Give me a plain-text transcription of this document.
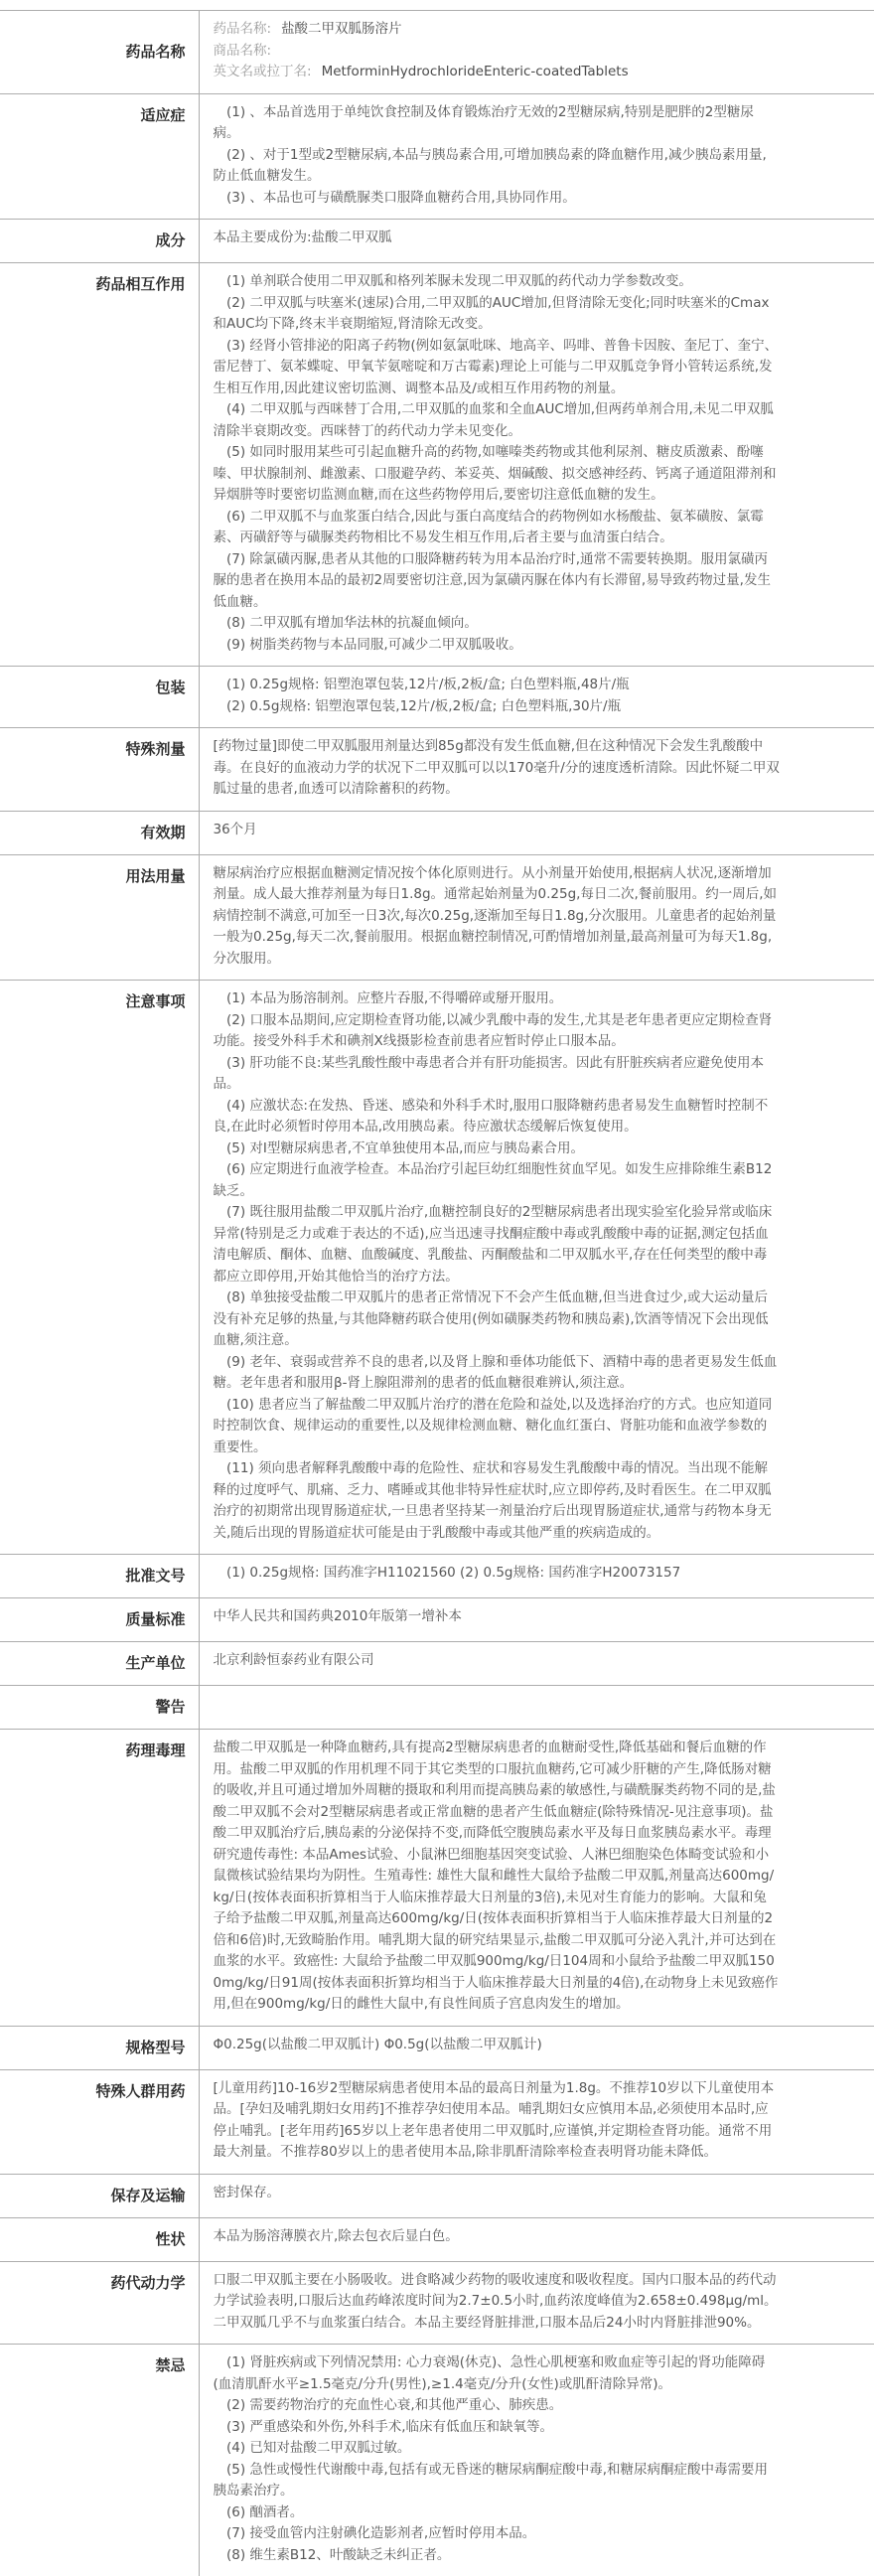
药品名称	药品名称: 盐酸二甲双胍肠溶片

商品名称:

英文名或拉丁名: MetforminHydrochlorideEnteric-coatedTablets

适应症	　(1) 、本品首选用于单纯饮食控制及体育锻炼治疗无效的2型糖尿病,特别是肥胖的2型糖尿病。

　(2) 、对于1型或2型糖尿病,本品与胰岛素合用,可增加胰岛素的降血糖作用,减少胰岛素用量,防止低血糖发生。

　(3) 、本品也可与磺酰脲类口服降血糖药合用,具协同作用。

成分	本品主要成份为:盐酸二甲双胍

药品相互作用	　(1) 单剂联合使用二甲双胍和格列苯脲未发现二甲双胍的药代动力学参数改变。

　(2) 二甲双胍与呋塞米(速尿)合用,二甲双胍的AUC增加,但肾清除无变化;同时呋塞米的Cmax和AUC均下降,终末半衰期缩短,肾清除无改变。

　(3) 经肾小管排泌的阳离子药物(例如氨氯吡咪、地高辛、吗啡、普鲁卡因胺、奎尼丁、奎宁、雷尼替丁、氨苯蝶啶、甲氧苄氨嘧啶和万古霉素)理论上可能与二甲双胍竞争肾小管转运系统,发生相互作用,因此建议密切监测、调整本品及/或相互作用药物的剂量。

　(4) 二甲双胍与西咪替丁合用,二甲双胍的血浆和全血AUC增加,但两药单剂合用,未见二甲双胍清除半衰期改变。西咪替丁的药代动力学未见变化。

　(5) 如同时服用某些可引起血糖升高的药物,如噻嗪类药物或其他利尿剂、糖皮质激素、酚噻嗪、甲状腺制剂、雌激素、口服避孕药、苯妥英、烟碱酸、拟交感神经药、钙离子通道阻滞剂和异烟肼等时要密切监测血糖,而在这些药物停用后,要密切注意低血糖的发生。

　(6) 二甲双胍不与血浆蛋白结合,因此与蛋白高度结合的药物例如水杨酸盐、氨苯磺胺、氯霉素、丙磺舒等与磺脲类药物相比不易发生相互作用,后者主要与血清蛋白结合。

　(7) 除氯磺丙脲,患者从其他的口服降糖药转为用本品治疗时,通常不需要转换期。服用氯磺丙脲的患者在换用本品的最初2周要密切注意,因为氯磺丙脲在体内有长滞留,易导致药物过量,发生低血糖。

　(8) 二甲双胍有增加华法林的抗凝血倾向。

　(9) 树脂类药物与本品同服,可减少二甲双胍吸收。

包装	　(1) 0.25g规格: 铝塑泡罩包装,12片/板,2板/盒; 白色塑料瓶,48片/瓶

　(2) 0.5g规格: 铝塑泡罩包装,12片/板,2板/盒; 白色塑料瓶,30片/瓶

特殊剂量	[药物过量]即使二甲双胍服用剂量达到85g都没有发生低血糖,但在这种情况下会发生乳酸酸中毒。在良好的血液动力学的状况下二甲双胍可以以170毫升/分的速度透析清除。因此怀疑二甲双胍过量的患者,血透可以清除蓄积的药物。

有效期	36个月

用法用量	糖尿病治疗应根据血糖测定情况按个体化原则进行。从小剂量开始使用,根据病人状况,逐渐增加剂量。成人最大推荐剂量为每日1.8g。通常起始剂量为0.25g,每日二次,餐前服用。约一周后,如病情控制不满意,可加至一日3次,每次0.25g,逐渐加至每日1.8g,分次服用。儿童患者的起始剂量一般为0.25g,每天二次,餐前服用。根据血糖控制情况,可酌情增加剂量,最高剂量可为每天1.8g,分次服用。

注意事项	　(1) 本品为肠溶制剂。应整片吞服,不得嚼碎或掰开服用。

　(2) 口服本品期间,应定期检查肾功能,以减少乳酸中毒的发生,尤其是老年患者更应定期检查肾功能。接受外科手术和碘剂X线摄影检查前患者应暂时停止口服本品。

　(3) 肝功能不良:某些乳酸性酸中毒患者合并有肝功能损害。因此有肝脏疾病者应避免使用本品。

　(4) 应激状态:在发热、昏迷、感染和外科手术时,服用口服降糖药患者易发生血糖暂时控制不良,在此时必须暂时停用本品,改用胰岛素。待应激状态缓解后恢复使用。

　(5) 对I型糖尿病患者,不宜单独使用本品,而应与胰岛素合用。

　(6) 应定期进行血液学检查。本品治疗引起巨幼红细胞性贫血罕见。如发生应排除维生素B12缺乏。

　(7) 既往服用盐酸二甲双胍片治疗,血糖控制良好的2型糖尿病患者出现实验室化验异常或临床异常(特别是乏力或难于表达的不适),应当迅速寻找酮症酸中毒或乳酸酸中毒的证据,测定包括血清电解质、酮体、血糖、血酸碱度、乳酸盐、丙酮酸盐和二甲双胍水平,存在任何类型的酸中毒都应立即停用,开始其他恰当的治疗方法。

　(8) 单独接受盐酸二甲双胍片的患者正常情况下不会产生低血糖,但当进食过少,或大运动量后没有补充足够的热量,与其他降糖药联合使用(例如磺脲类药物和胰岛素),饮酒等情况下会出现低血糖,须注意。

　(9) 老年、衰弱或营养不良的患者,以及肾上腺和垂体功能低下、酒精中毒的患者更易发生低血糖。老年患者和服用β-肾上腺阻滞剂的患者的低血糖很难辨认,须注意。

　(10) 患者应当了解盐酸二甲双胍片治疗的潜在危险和益处,以及选择治疗的方式。也应知道同时控制饮食、规律运动的重要性,以及规律检测血糖、糖化血红蛋白、肾脏功能和血液学参数的重要性。

　(11) 须向患者解释乳酸酸中毒的危险性、症状和容易发生乳酸酸中毒的情况。当出现不能解释的过度呼气、肌痛、乏力、嗜睡或其他非特异性症状时,应立即停药,及时看医生。在二甲双胍治疗的初期常出现胃肠道症状,一旦患者坚持某一剂量治疗后出现胃肠道症状,通常与药物本身无关,随后出现的胃肠道症状可能是由于乳酸酸中毒或其他严重的疾病造成的。

批准文号	　(1) 0.25g规格: 国药准字H11021560 (2) 0.5g规格: 国药准字H20073157

质量标准	中华人民共和国药典2010年版第一增补本

生产单位	北京利龄恒泰药业有限公司

警告	

药理毒理	盐酸二甲双胍是一种降血糖药,具有提高2型糖尿病患者的血糖耐受性,降低基础和餐后血糖的作用。盐酸二甲双胍的作用机理不同于其它类型的口服抗血糖药,它可减少肝糖的产生,降低肠对糖的吸收,并且可通过增加外周糖的摄取和利用而提高胰岛素的敏感性,与磺酰脲类药物不同的是,盐酸二甲双胍不会对2型糖尿病患者或正常血糖的患者产生低血糖症(除特殊情况-见注意事项)。盐酸二甲双胍治疗后,胰岛素的分泌保持不变,而降低空腹胰岛素水平及每日血浆胰岛素水平。毒理研究遗传毒性: 本品Ames试验、小鼠淋巴细胞基因突变试验、人淋巴细胞染色体畸变试验和小鼠微核试验结果均为阴性。生殖毒性: 雄性大鼠和雌性大鼠给予盐酸二甲双胍,剂量高达600mg/kg/日(按体表面积折算相当于人临床推荐最大日剂量的3倍),未见对生育能力的影响。大鼠和兔子给予盐酸二甲双胍,剂量高达600mg/kg/日(按体表面积折算相当于人临床推荐最大日剂量的2倍和6倍)时,无致畸胎作用。哺乳期大鼠的研究结果显示,盐酸二甲双胍可分泌入乳汁,并可达到在血浆的水平。致癌性: 大鼠给予盐酸二甲双胍900mg/kg/日104周和小鼠给予盐酸二甲双胍1500mg/kg/日91周(按体表面积折算均相当于人临床推荐最大日剂量的4倍),在动物身上未见致癌作用,但在900mg/kg/日的雌性大鼠中,有良性间质子宫息肉发生的增加。

规格型号	Φ0.25g(以盐酸二甲双胍计) Φ0.5g(以盐酸二甲双胍计)

特殊人群用药	[儿童用药]10-16岁2型糖尿病患者使用本品的最高日剂量为1.8g。不推荐10岁以下儿童使用本品。[孕妇及哺乳期妇女用药]不推荐孕妇使用本品。哺乳期妇女应慎用本品,必须使用本品时,应停止哺乳。[老年用药]65岁以上老年患者使用二甲双胍时,应谨慎,并定期检查肾功能。通常不用最大剂量。不推荐80岁以上的患者使用本品,除非肌酐清除率检查表明肾功能未降低。

保存及运输	密封保存。

性状	本品为肠溶薄膜衣片,除去包衣后显白色。

药代动力学	口服二甲双胍主要在小肠吸收。进食略减少药物的吸收速度和吸收程度。国内口服本品的药代动力学试验表明,口服后达血药峰浓度时间为2.7±0.5小时,血药浓度峰值为2.658±0.498μg/ml。二甲双胍几乎不与血浆蛋白结合。本品主要经肾脏排泄,口服本品后24小时内肾脏排泄90%。

禁忌	　(1) 肾脏疾病或下列情况禁用: 心力衰竭(休克)、急性心肌梗塞和败血症等引起的肾功能障碍(血清肌酐水平≥1.5毫克/分升(男性),≥1.4毫克/分升(女性)或肌酐清除异常)。

　(2) 需要药物治疗的充血性心衰,和其他严重心、肺疾患。

　(3) 严重感染和外伤,外科手术,临床有低血压和缺氧等。

　(4) 已知对盐酸二甲双胍过敏。

　(5) 急性或慢性代谢酸中毒,包括有或无昏迷的糖尿病酮症酸中毒,和糖尿病酮症酸中毒需要用胰岛素治疗。

　(6) 酗酒者。

　(7) 接受血管内注射碘化造影剂者,应暂时停用本品。

　(8) 维生素B12、叶酸缺乏未纠正者。
